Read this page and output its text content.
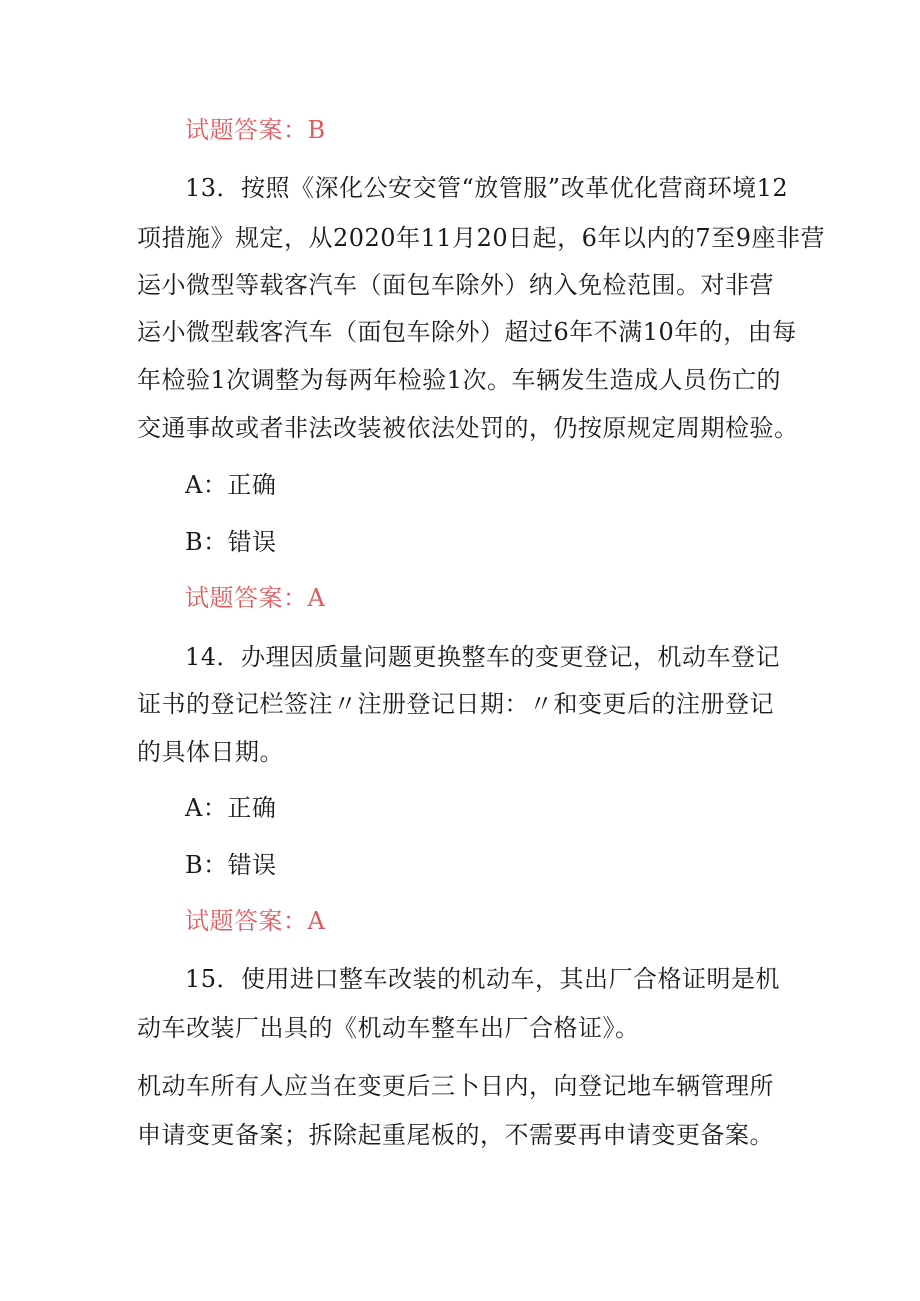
试题答案：B
13．按照《深化公安交管“放管服”改革优化营商环境12
项措施》规定，从2020年11月20日起，6年以内的7至9座非营
运小微型等载客汽车（面包车除外）纳入免检范围。对非营
运小微型载客汽车（面包车除外）超过6年不满10年的，由每
年检验1次调整为每两年检验1次。车辆发生造成人员伤亡的
交通事故或者非法改装被依法处罚的，仍按原规定周期检验。
A：正确
B：错误
试题答案：A
14．办理因质量问题更换整车的变更登记，机动车登记
证书的登记栏签注〃注册登记日期：〃和变更后的注册登记
的具体日期。
A：正确
B：错误
试题答案：A
15．使用进口整车改装的机动车，其出厂合格证明是机
动车改装厂出具的《机动车整车出厂合格证》。
机动车所有人应当在变更后三卜日内，向登记地车辆管理所
申请变更备案；拆除起重尾板的，不需要再申请变更备案。
